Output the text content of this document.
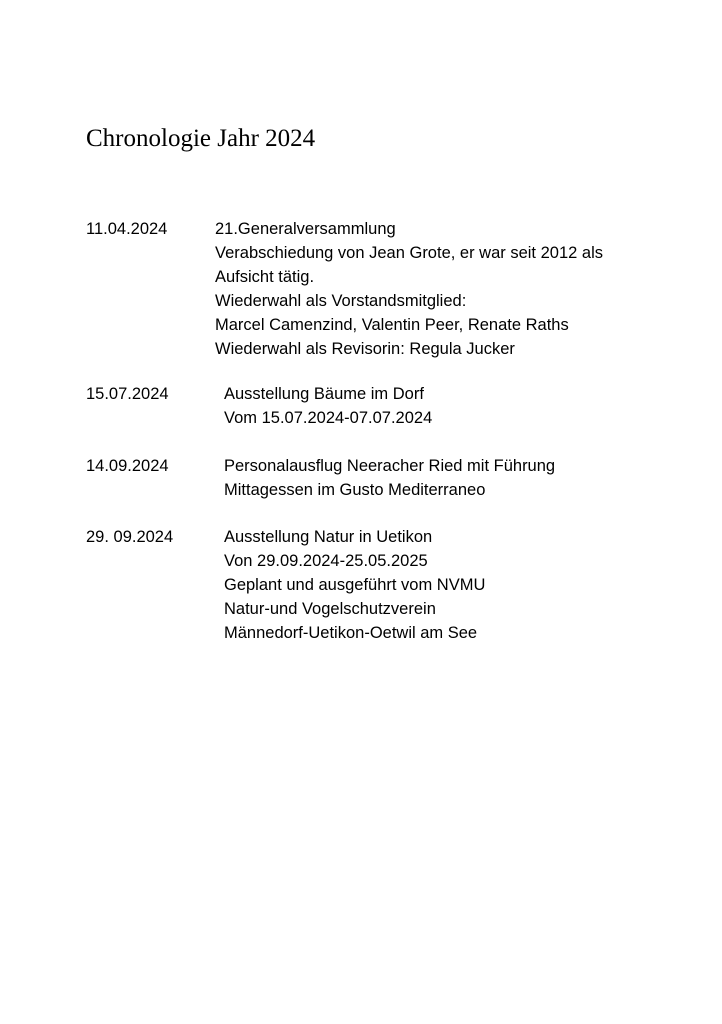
Chronologie Jahr 2024
11.04.2024	21.Generalversammlung
Verabschiedung von Jean Grote, er war seit 2012 als
Aufsicht tätig.
Wiederwahl als Vorstandsmitglied:
Marcel Camenzind, Valentin Peer, Renate Raths
Wiederwahl als Revisorin: Regula Jucker
15.07.2024	Ausstellung Bäume im Dorf
Vom 15.07.2024-07.07.2024
14.09.2024	Personalausflug Neeracher Ried mit Führung
Mittagessen im Gusto Mediterraneo
29. 09.2024	Ausstellung Natur in Uetikon
Von 29.09.2024-25.05.2025
Geplant und ausgeführt vom NVMU
Natur-und Vogelschutzverein
Männedorf-Uetikon-Oetwil am See
